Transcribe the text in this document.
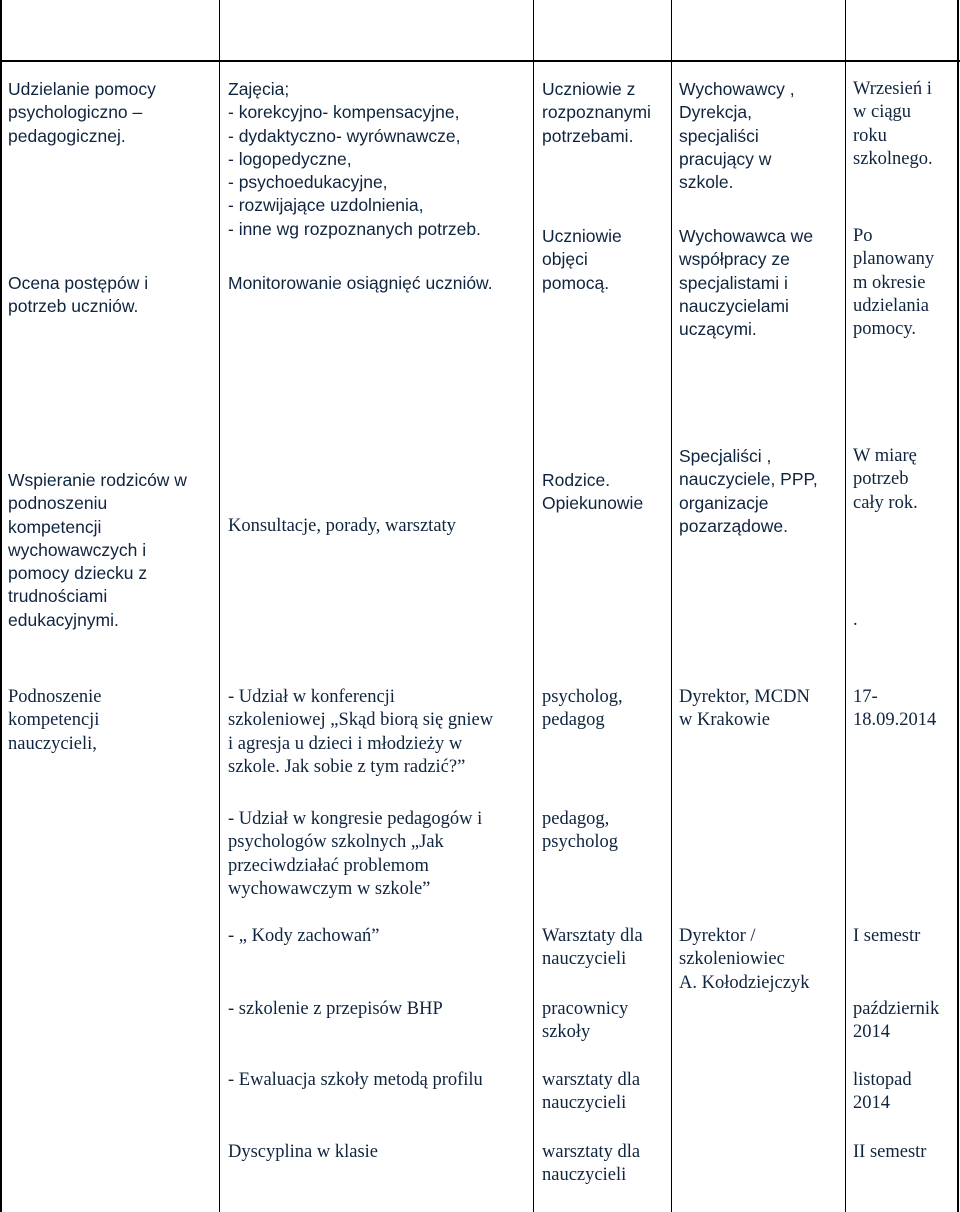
Udzielanie pomocy
psychologiczno –
pedagogicznej.
Ocena postępów i
potrzeb uczniów.
Zajęcia;
- korekcyjno- kompensacyjne,
- dydaktyczno- wyrównawcze,
- logopedyczne,
- psychoedukacyjne,
- rozwijające uzdolnienia,
- inne wg rozpoznanych potrzeb.
Monitorowanie osiągnięć uczniów.
Uczniowie z
rozpoznanymi
potrzebami.
Uczniowie
objęci
pomocą.
Wychowawcy ,
Dyrekcja,
specjaliści
pracujący w
szkole.
Wychowawca we
współpracy ze
specjalistami i
nauczycielami
uczącymi.
Wrzesień i
w ciągu
roku
szkolnego.
Po
planowany
m okresie
udzielania
pomocy.
Wspieranie rodziców w
podnoszeniu
kompetencji
wychowawczych i
pomocy dziecku z
trudnościami
edukacyjnymi.
Konsultacje, porady, warsztaty
Rodzice.
Opiekunowie
Specjaliści ,
nauczyciele, PPP,
organizacje
pozarządowe.
W miarę
potrzeb
cały rok.
.
Podnoszenie
kompetencji
nauczycieli,
- Udział w konferencji
szkoleniowej „Skąd biorą się gniew
i agresja u dzieci i młodzieży w
szkole. Jak sobie z tym radzić?”
- Udział w kongresie pedagogów i
psychologów szkolnych „Jak
przeciwdziałać problemom
wychowawczym w szkole”
- „ Kody zachowań”
- szkolenie z przepisów BHP
- Ewaluacja szkoły metodą profilu
Dyscyplina w klasie
psycholog,
pedagog
pedagog,
psycholog
Warsztaty dla
nauczycieli
pracownicy
szkoły
warsztaty dla
nauczycieli
warsztaty dla
nauczycieli
Dyrektor, MCDN
w Krakowie
Dyrektor /
szkoleniowiec
A. Kołodziejczyk
17-
18.09.2014
I semestr
październik
2014
listopad
2014
II semestr
